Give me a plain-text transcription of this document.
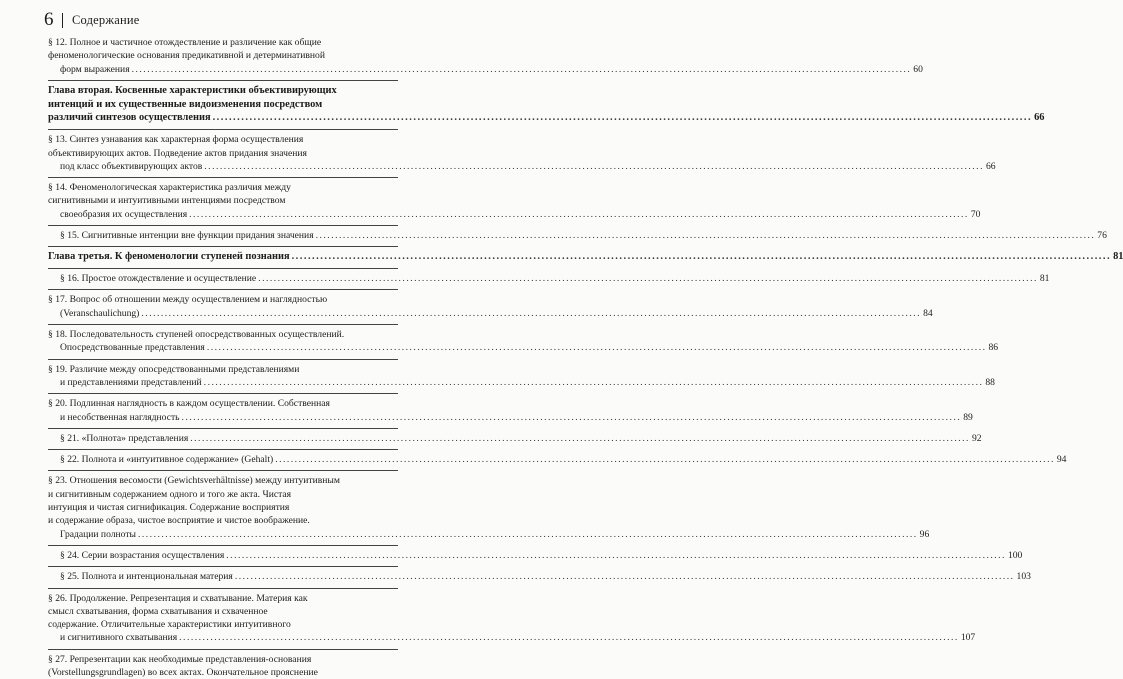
6 Содержание
§ 12. Полное и частичное отождествление и различение как общие
феноменологические основания предикативной и детерминативной
форм выражения ........................................................................................................................................................................................................ 60
Глава вторая. Косвенные характеристики объективирующих
интенций и их существенные видоизменения посредством
различий синтезов осуществления ........................................................................................................................................................................................................ 66
§ 13. Синтез узнавания как характерная форма осуществления
объективирующих актов. Подведение актов придания значения
под класс объективирующих актов ........................................................................................................................................................................................................ 66
§ 14. Феноменологическая характеристика различия между
сигнитивными и интуитивными интенциями посредством
своеобразия их осуществления ........................................................................................................................................................................................................ 70
§ 15. Сигнитивные интенции вне функции придания значения ........................................................................................................................................................................................................ 76
Глава третья. К феноменологии ступеней познания ........................................................................................................................................................................................................ 81
§ 16. Простое отождествление и осуществление ........................................................................................................................................................................................................ 81
§ 17. Вопрос об отношении между осуществлением и наглядностью
(Veranschaulichung) ........................................................................................................................................................................................................ 84
§ 18. Последовательность ступеней опосредствованных осуществлений.
Опосредствованные представления ........................................................................................................................................................................................................ 86
§ 19. Различие между опосредствованными представлениями
и представлениями представлений ........................................................................................................................................................................................................ 88
§ 20. Подлинная наглядность в каждом осуществлении. Собственная
и несобственная наглядность ........................................................................................................................................................................................................ 89
§ 21. «Полнота» представления ........................................................................................................................................................................................................ 92
§ 22. Полнота и «интуитивное содержание» (Gehalt) ........................................................................................................................................................................................................ 94
§ 23. Отношения весомости (Gewichtsverhältnisse) между интуитивным
и сигнитивным содержанием одного и того же акта. Чистая
интуиция и чистая сигнификация. Содержание восприятия
и содержание образа, чистое восприятие и чистое воображение.
Градации полноты ........................................................................................................................................................................................................ 96
§ 24. Серии возрастания осуществления ........................................................................................................................................................................................................ 100
§ 25. Полнота и интенциональная материя ........................................................................................................................................................................................................ 103
§ 26. Продолжение. Репрезентация и схватывание. Материя как
смысл схватывания, форма схватывания и схваченное
содержание. Отличительные характеристики интуитивного
и сигнитивного схватывания ........................................................................................................................................................................................................ 107
§ 27. Репрезентации как необходимые представления-основания
(Vorstellungsgrundlagen) во всех актах. Окончательное прояснение
